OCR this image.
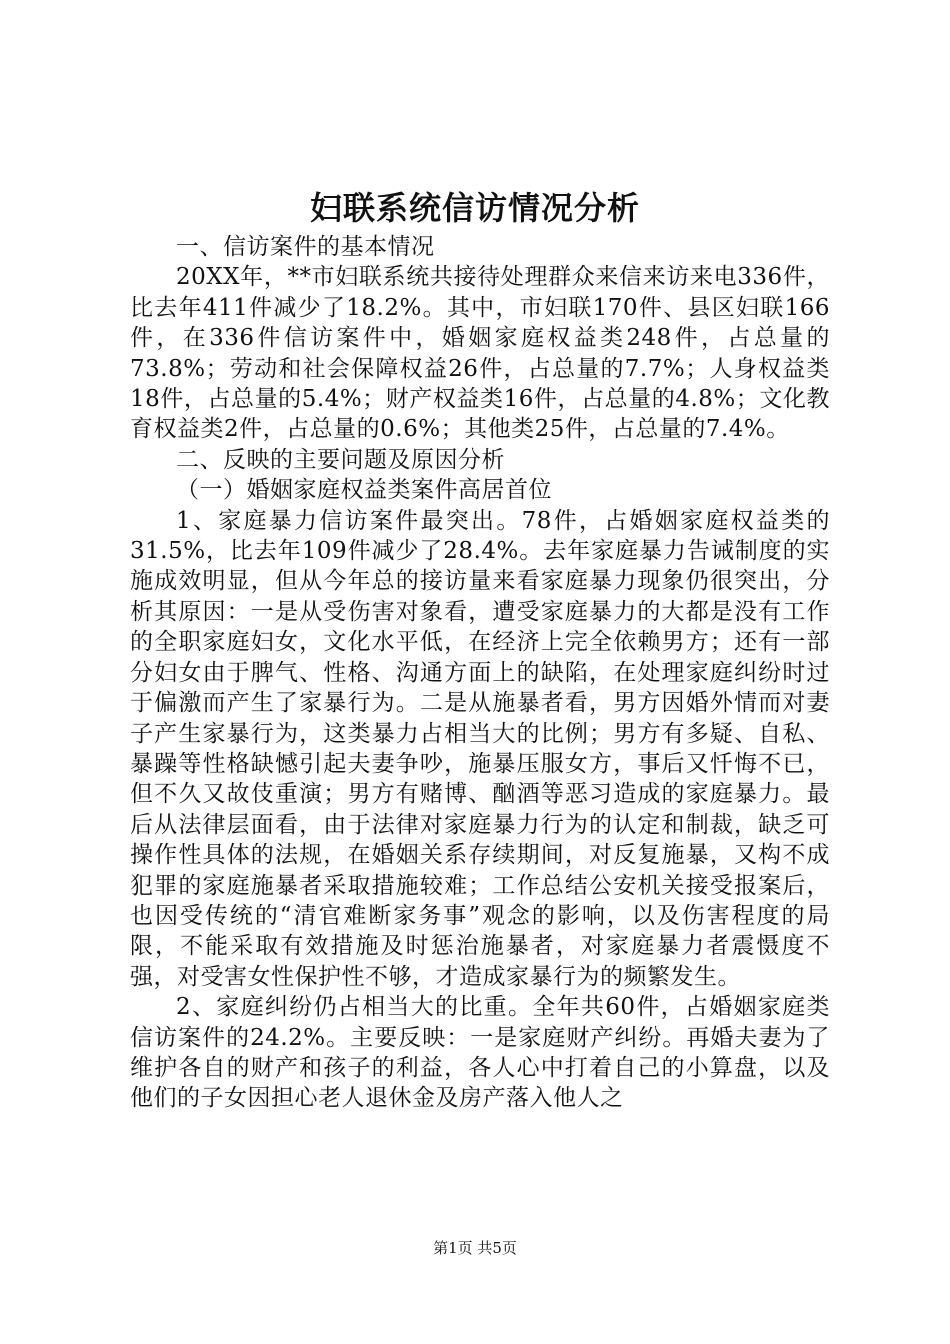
妇联系统信访情况分析

一、信访案件的基本情况

20XX年，**市妇联系统共接待处理群众来信来访来电336件，比去年411件减少了18.2%。其中，市妇联170件、县区妇联166件，在336件信访案件中，婚姻家庭权益类248件，占总量的73.8%；劳动和社会保障权益26件，占总量的7.7%；人身权益类18件，占总量的5.4%；财产权益类16件，占总量的4.8%；文化教育权益类2件，占总量的0.6%；其他类25件，占总量的7.4%。

二、反映的主要问题及原因分析

（一）婚姻家庭权益类案件高居首位

1、家庭暴力信访案件最突出。78件，占婚姻家庭权益类的31.5%，比去年109件减少了28.4%。去年家庭暴力告诫制度的实施成效明显，但从今年总的接访量来看家庭暴力现象仍很突出，分析其原因：一是从受伤害对象看，遭受家庭暴力的大都是没有工作的全职家庭妇女，文化水平低，在经济上完全依赖男方；还有一部分妇女由于脾气、性格、沟通方面上的缺陷，在处理家庭纠纷时过于偏激而产生了家暴行为。二是从施暴者看，男方因婚外情而对妻子产生家暴行为，这类暴力占相当大的比例；男方有多疑、自私、暴躁等性格缺憾引起夫妻争吵，施暴压服女方，事后又忏悔不已，但不久又故伎重演；男方有赌博、酗酒等恶习造成的家庭暴力。最后从法律层面看，由于法律对家庭暴力行为的认定和制裁，缺乏可操作性具体的法规，在婚姻关系存续期间，对反复施暴，又构不成犯罪的家庭施暴者采取措施较难；工作总结公安机关接受报案后，也因受传统的“清官难断家务事”观念的影响，以及伤害程度的局限，不能采取有效措施及时惩治施暴者，对家庭暴力者震慑度不强，对受害女性保护性不够，才造成家暴行为的频繁发生。

2、家庭纠纷仍占相当大的比重。全年共60件，占婚姻家庭类信访案件的24.2%。主要反映：一是家庭财产纠纷。再婚夫妻为了维护各自的财产和孩子的利益，各人心中打着自己的小算盘，以及他们的子女因担心老人退休金及房产落入他人之

第1页 共5页
